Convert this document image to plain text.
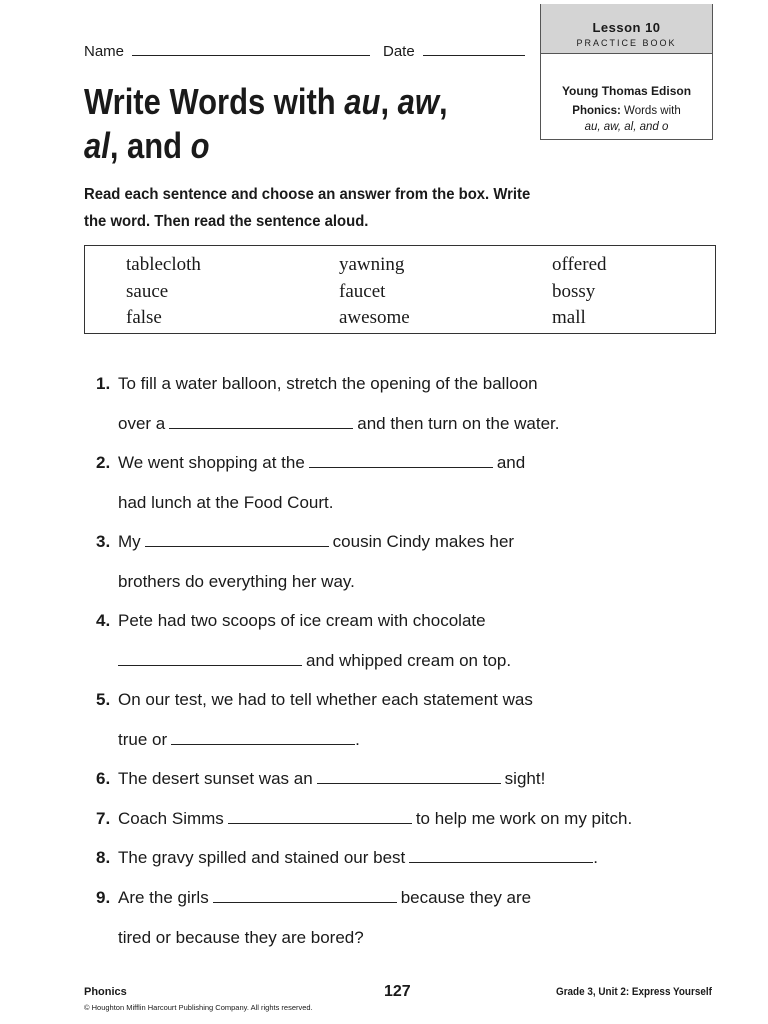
Name	Date
Lesson 10
PRACTICE BOOK
Young Thomas Edison
Phonics: Words with
au, aw, al, and o
Write Words with au, aw,
al, and o
Read each sentence and choose an answer from the box. Write
the word. Then read the sentence aloud.
tablecloth	yawning	offered
sauce	faucet	bossy
false	awesome	mall
1. To fill a water balloon, stretch the opening of the balloon
over a	and then turn on the water.
2. We went shopping at the	and
had lunch at the Food Court.
3. My	cousin Cindy makes her
brothers do everything her way.
4. Pete had two scoops of ice cream with chocolate
and whipped cream on top.
5. On our test, we had to tell whether each statement was
true or	.
6. The desert sunset was an	sight!
7. Coach Simms	to help me work on my pitch.
8. The gravy spilled and stained our best	.
9. Are the girls	because they are
tired or because they are bored?
Phonics
© Houghton Mifflin Harcourt Publishing Company. All rights reserved.
127	Grade 3, Unit 2: Express Yourself
